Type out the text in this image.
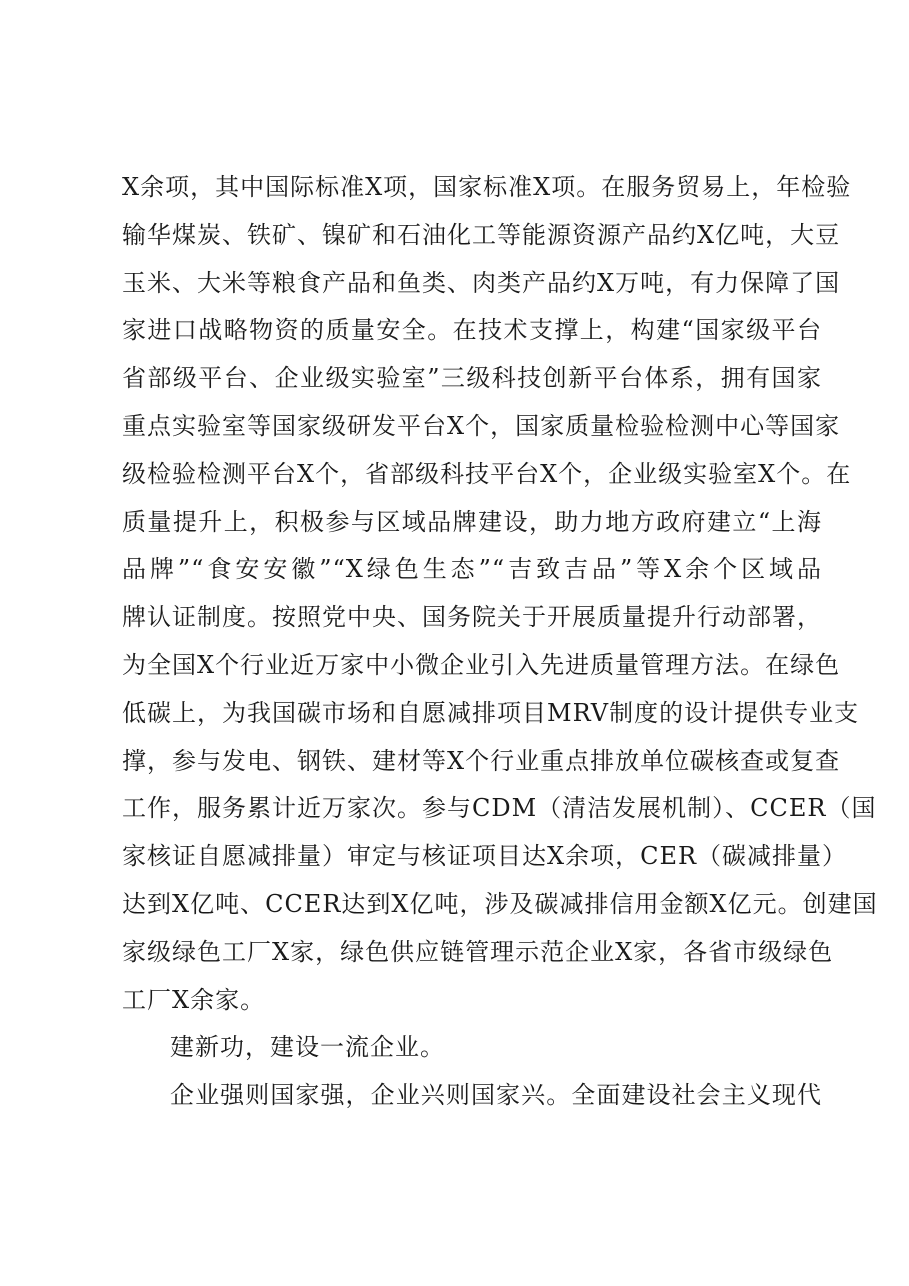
X余项，其中国际标准X项，国家标准X项。在服务贸易上，年检验
输华煤炭、铁矿、镍矿和石油化工等能源资源产品约X亿吨，大豆
玉米、大米等粮食产品和鱼类、肉类产品约X万吨，有力保障了国
家进口战略物资的质量安全。在技术支撑上，构建“国家级平台
省部级平台、企业级实验室”三级科技创新平台体系，拥有国家
重点实验室等国家级研发平台X个，国家质量检验检测中心等国家
级检验检测平台X个，省部级科技平台X个，企业级实验室X个。在
质量提升上，积极参与区域品牌建设，助力地方政府建立“上海
品牌”“食安安徽”“X绿色生态”“吉致吉品”等X余个区域品
牌认证制度。按照党中央、国务院关于开展质量提升行动部署，
为全国X个行业近万家中小微企业引入先进质量管理方法。在绿色
低碳上，为我国碳市场和自愿减排项目MRV制度的设计提供专业支
撑，参与发电、钢铁、建材等X个行业重点排放单位碳核查或复查
工作，服务累计近万家次。参与CDM（清洁发展机制）、CCER（国
家核证自愿减排量）审定与核证项目达X余项，CER（碳减排量）
达到X亿吨、CCER达到X亿吨，涉及碳减排信用金额X亿元。创建国
家级绿色工厂X家，绿色供应链管理示范企业X家，各省市级绿色
工厂X余家。
建新功，建设一流企业。
企业强则国家强，企业兴则国家兴。全面建设社会主义现代
